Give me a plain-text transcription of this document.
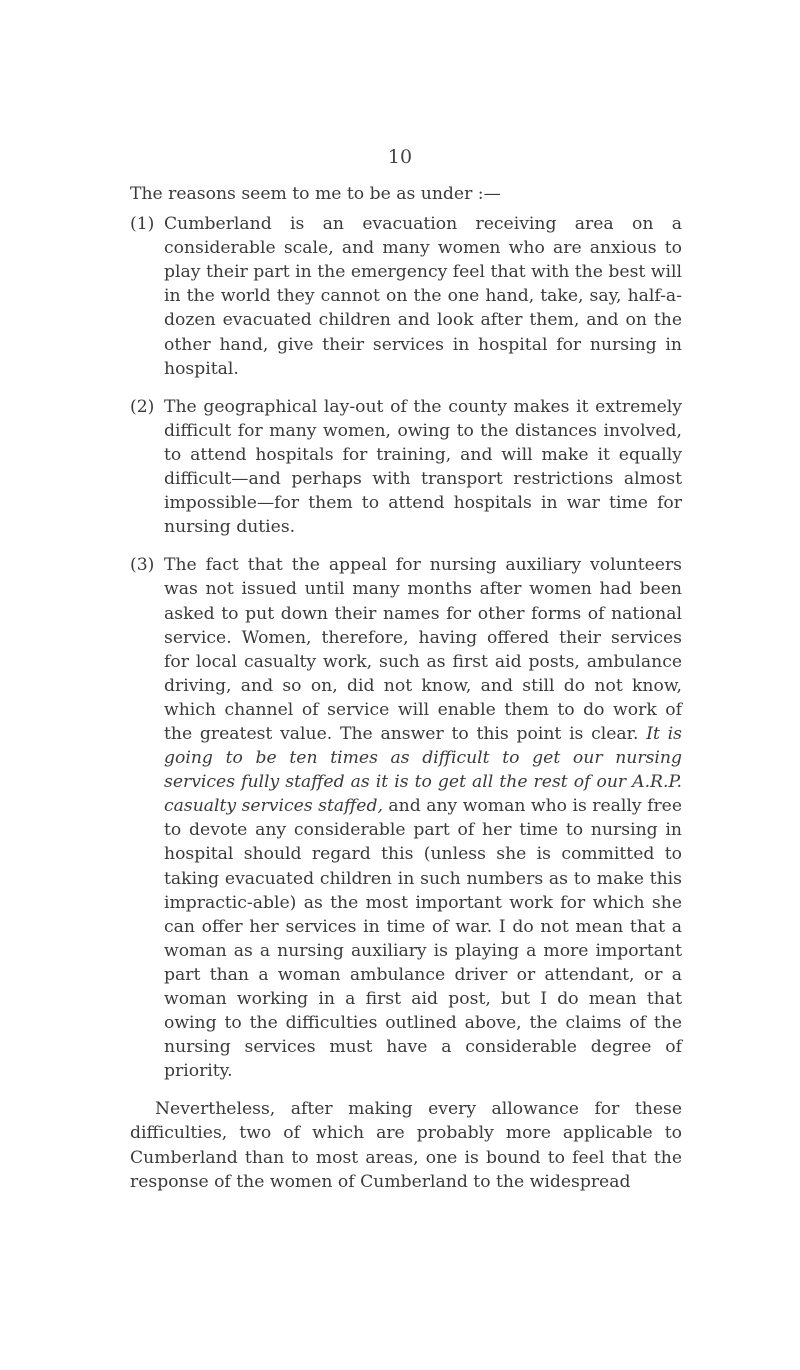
10

The reasons seem to me to be as under :—

(1) Cumberland is an evacuation receiving area on a considerable scale, and many women who are anxious to play their part in the emergency feel that with the best will in the world they cannot on the one hand, take, say, half-a-dozen evacuated children and look after them, and on the other hand, give their services in hospital for nursing in hospital.

(2) The geographical lay-out of the county makes it extremely difficult for many women, owing to the distances involved, to attend hospitals for training, and will make it equally difficult—and perhaps with transport restrictions almost impossible—for them to attend hospitals in war time for nursing duties.

(3) The fact that the appeal for nursing auxiliary volunteers was not issued until many months after women had been asked to put down their names for other forms of national service. Women, therefore, having offered their services for local casualty work, such as first aid posts, ambulance driving, and so on, did not know, and still do not know, which channel of service will enable them to do work of the greatest value. The answer to this point is clear. It is going to be ten times as difficult to get our nursing services fully staffed as it is to get all the rest of our A.R.P. casualty services staffed, and any woman who is really free to devote any considerable part of her time to nursing in hospital should regard this (unless she is committed to taking evacuated children in such numbers as to make this impractic-able) as the most important work for which she can offer her services in time of war. I do not mean that a woman as a nursing auxiliary is playing a more important part than a woman ambulance driver or attendant, or a woman working in a first aid post, but I do mean that owing to the difficulties outlined above, the claims of the nursing services must have a considerable degree of priority.

Nevertheless, after making every allowance for these difficulties, two of which are probably more applicable to Cumberland than to most areas, one is bound to feel that the response of the women of Cumberland to the widespread
